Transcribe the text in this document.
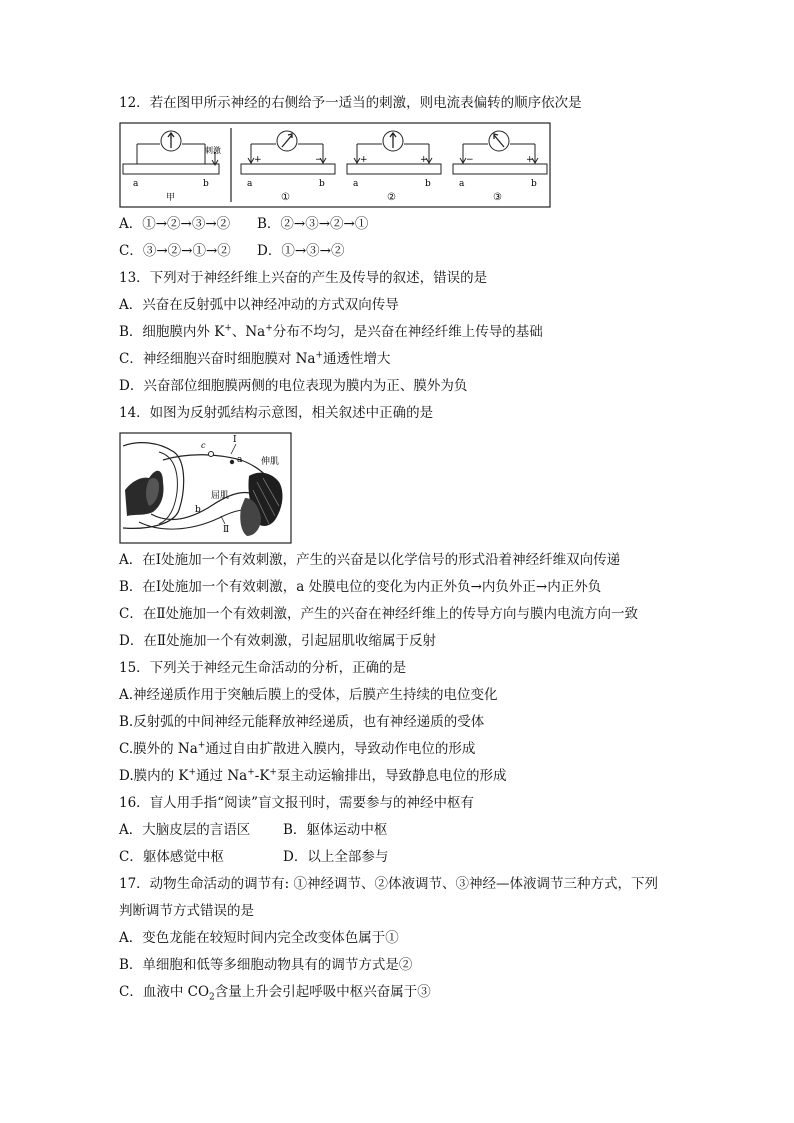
12．若在图甲所示神经的右侧给予一适当的刺激，则电流表偏转的顺序依次是
刺激
a	b
甲
+	−
a	b
①
+	+
a	b
②
−	+
a	b
③
A．①→②→③→② B．②→③→②→①
C．③→②→①→② D．①→③→②
13．下列对于神经纤维上兴奋的产生及传导的叙述，错误的是
A．兴奋在反射弧中以神经冲动的方式双向传导
B．细胞膜内外 K+、Na+分布不均匀，是兴奋在神经纤维上传导的基础
C．神经细胞兴奋时细胞膜对 Na+通透性增大
D．兴奋部位细胞膜两侧的电位表现为膜内为正、膜外为负
14．如图为反射弧结构示意图，相关叙述中正确的是
Ⅰ
c
a 伸肌
屈肌
b
Ⅱ
A．在Ⅰ处施加一个有效刺激，产生的兴奋是以化学信号的形式沿着神经纤维双向传递
B．在Ⅰ处施加一个有效刺激，a 处膜电位的变化为内正外负→内负外正→内正外负
C．在Ⅱ处施加一个有效刺激，产生的兴奋在神经纤维上的传导方向与膜内电流方向一致
D．在Ⅱ处施加一个有效刺激，引起屈肌收缩属于反射
15．下列关于神经元生命活动的分析，正确的是
A.神经递质作用于突触后膜上的受体，后膜产生持续的电位变化
B.反射弧的中间神经元能释放神经递质，也有神经递质的受体
C.膜外的 Na+通过自由扩散进入膜内，导致动作电位的形成
D.膜内的 K+通过 Na+-K+泵主动运输排出，导致静息电位的形成
16．盲人用手指“阅读”盲文报刊时，需要参与的神经中枢有
A．大脑皮层的言语区 B．躯体运动中枢
C．躯体感觉中枢	D．以上全部参与
17．动物生命活动的调节有: ①神经调节、②体液调节、③神经—体液调节三种方式，下列
判断调节方式错误的是
A．变色龙能在较短时间内完全改变体色属于①
B．单细胞和低等多细胞动物具有的调节方式是②
C．血液中 $CO_2$含量上升会引起呼吸中枢兴奋属于③
